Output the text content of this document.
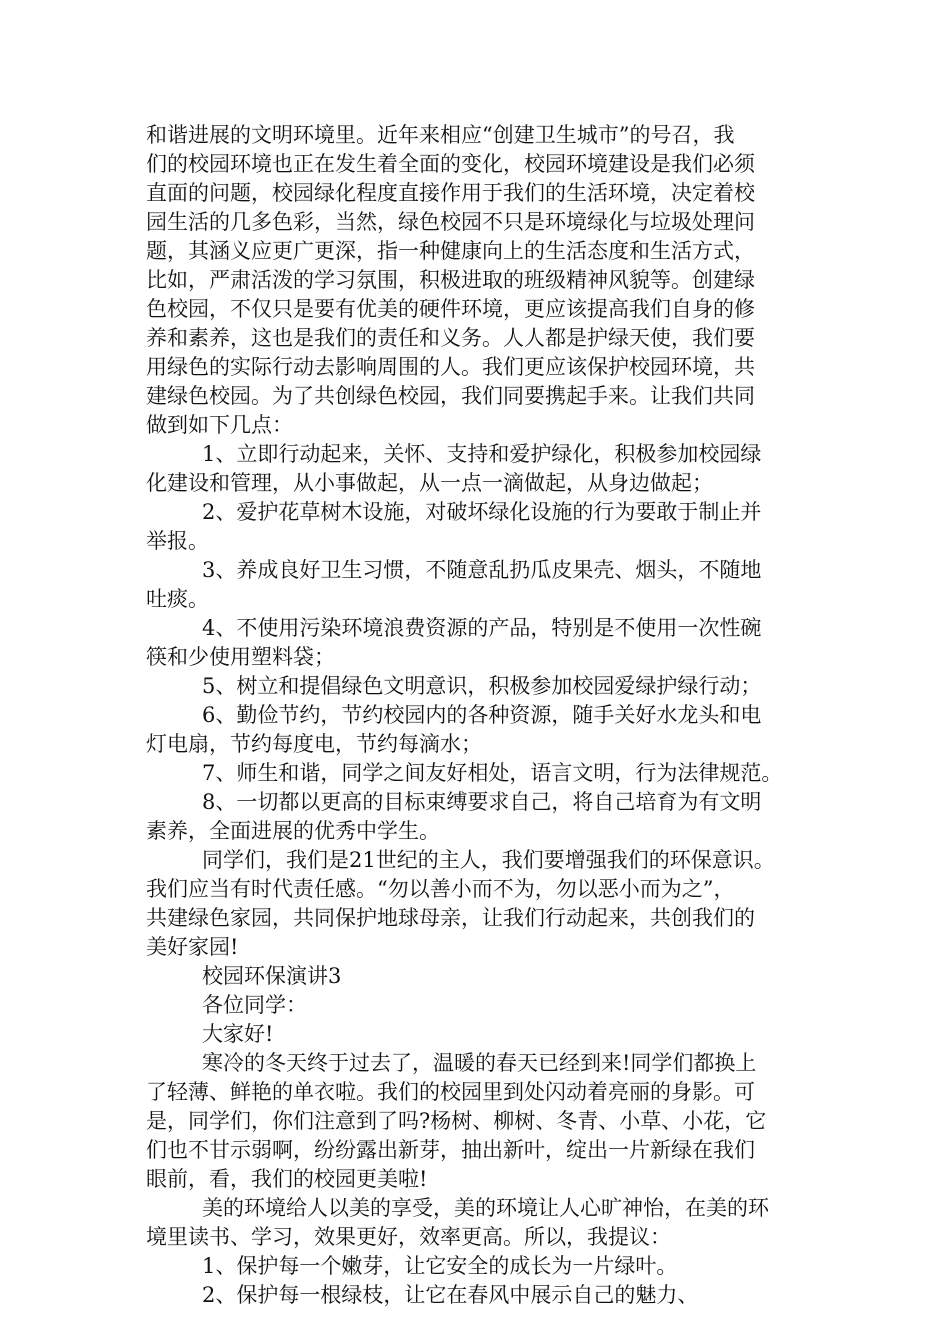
和谐进展的文明环境里。近年来相应“创建卫生城市”的号召，我
们的校园环境也正在发生着全面的变化，校园环境建设是我们必须
直面的问题，校园绿化程度直接作用于我们的生活环境，决定着校
园生活的几多色彩，当然，绿色校园不只是环境绿化与垃圾处理问
题，其涵义应更广更深，指一种健康向上的生活态度和生活方式，
比如，严肃活泼的学习氛围，积极进取的班级精神风貌等。创建绿
色校园，不仅只是要有优美的硬件环境，更应该提高我们自身的修
养和素养，这也是我们的责任和义务。人人都是护绿天使，我们要
用绿色的实际行动去影响周围的人。我们更应该保护校园环境，共
建绿色校园。为了共创绿色校园，我们同要携起手来。让我们共同
做到如下几点：
1、立即行动起来，关怀、支持和爱护绿化，积极参加校园绿
化建设和管理，从小事做起，从一点一滴做起，从身边做起；
2、爱护花草树木设施，对破坏绿化设施的行为要敢于制止并
举报。
3、养成良好卫生习惯，不随意乱扔瓜皮果壳、烟头，不随地
吐痰。
4、不使用污染环境浪费资源的产品，特别是不使用一次性碗
筷和少使用塑料袋；
5、树立和提倡绿色文明意识，积极参加校园爱绿护绿行动；
6、勤俭节约，节约校园内的各种资源，随手关好水龙头和电
灯电扇，节约每度电，节约每滴水；
7、师生和谐，同学之间友好相处，语言文明，行为法律规范。
8、一切都以更高的目标束缚要求自己，将自己培育为有文明
素养，全面进展的优秀中学生。
同学们，我们是21世纪的主人，我们要增强我们的环保意识。
我们应当有时代责任感。“勿以善小而不为，勿以恶小而为之”，
共建绿色家园，共同保护地球母亲，让我们行动起来，共创我们的
美好家园!
校园环保演讲3
各位同学：
大家好!
寒冷的冬天终于过去了，温暖的春天已经到来!同学们都换上
了轻薄、鲜艳的单衣啦。我们的校园里到处闪动着亮丽的身影。可
是，同学们，你们注意到了吗?杨树、柳树、冬青、小草、小花，它
们也不甘示弱啊，纷纷露出新芽，抽出新叶，绽出一片新绿在我们
眼前，看，我们的校园更美啦!
美的环境给人以美的享受，美的环境让人心旷神怡，在美的环
境里读书、学习，效果更好，效率更高。所以，我提议：
1、保护每一个嫩芽，让它安全的成长为一片绿叶。
2、保护每一根绿枝，让它在春风中展示自己的魅力、
